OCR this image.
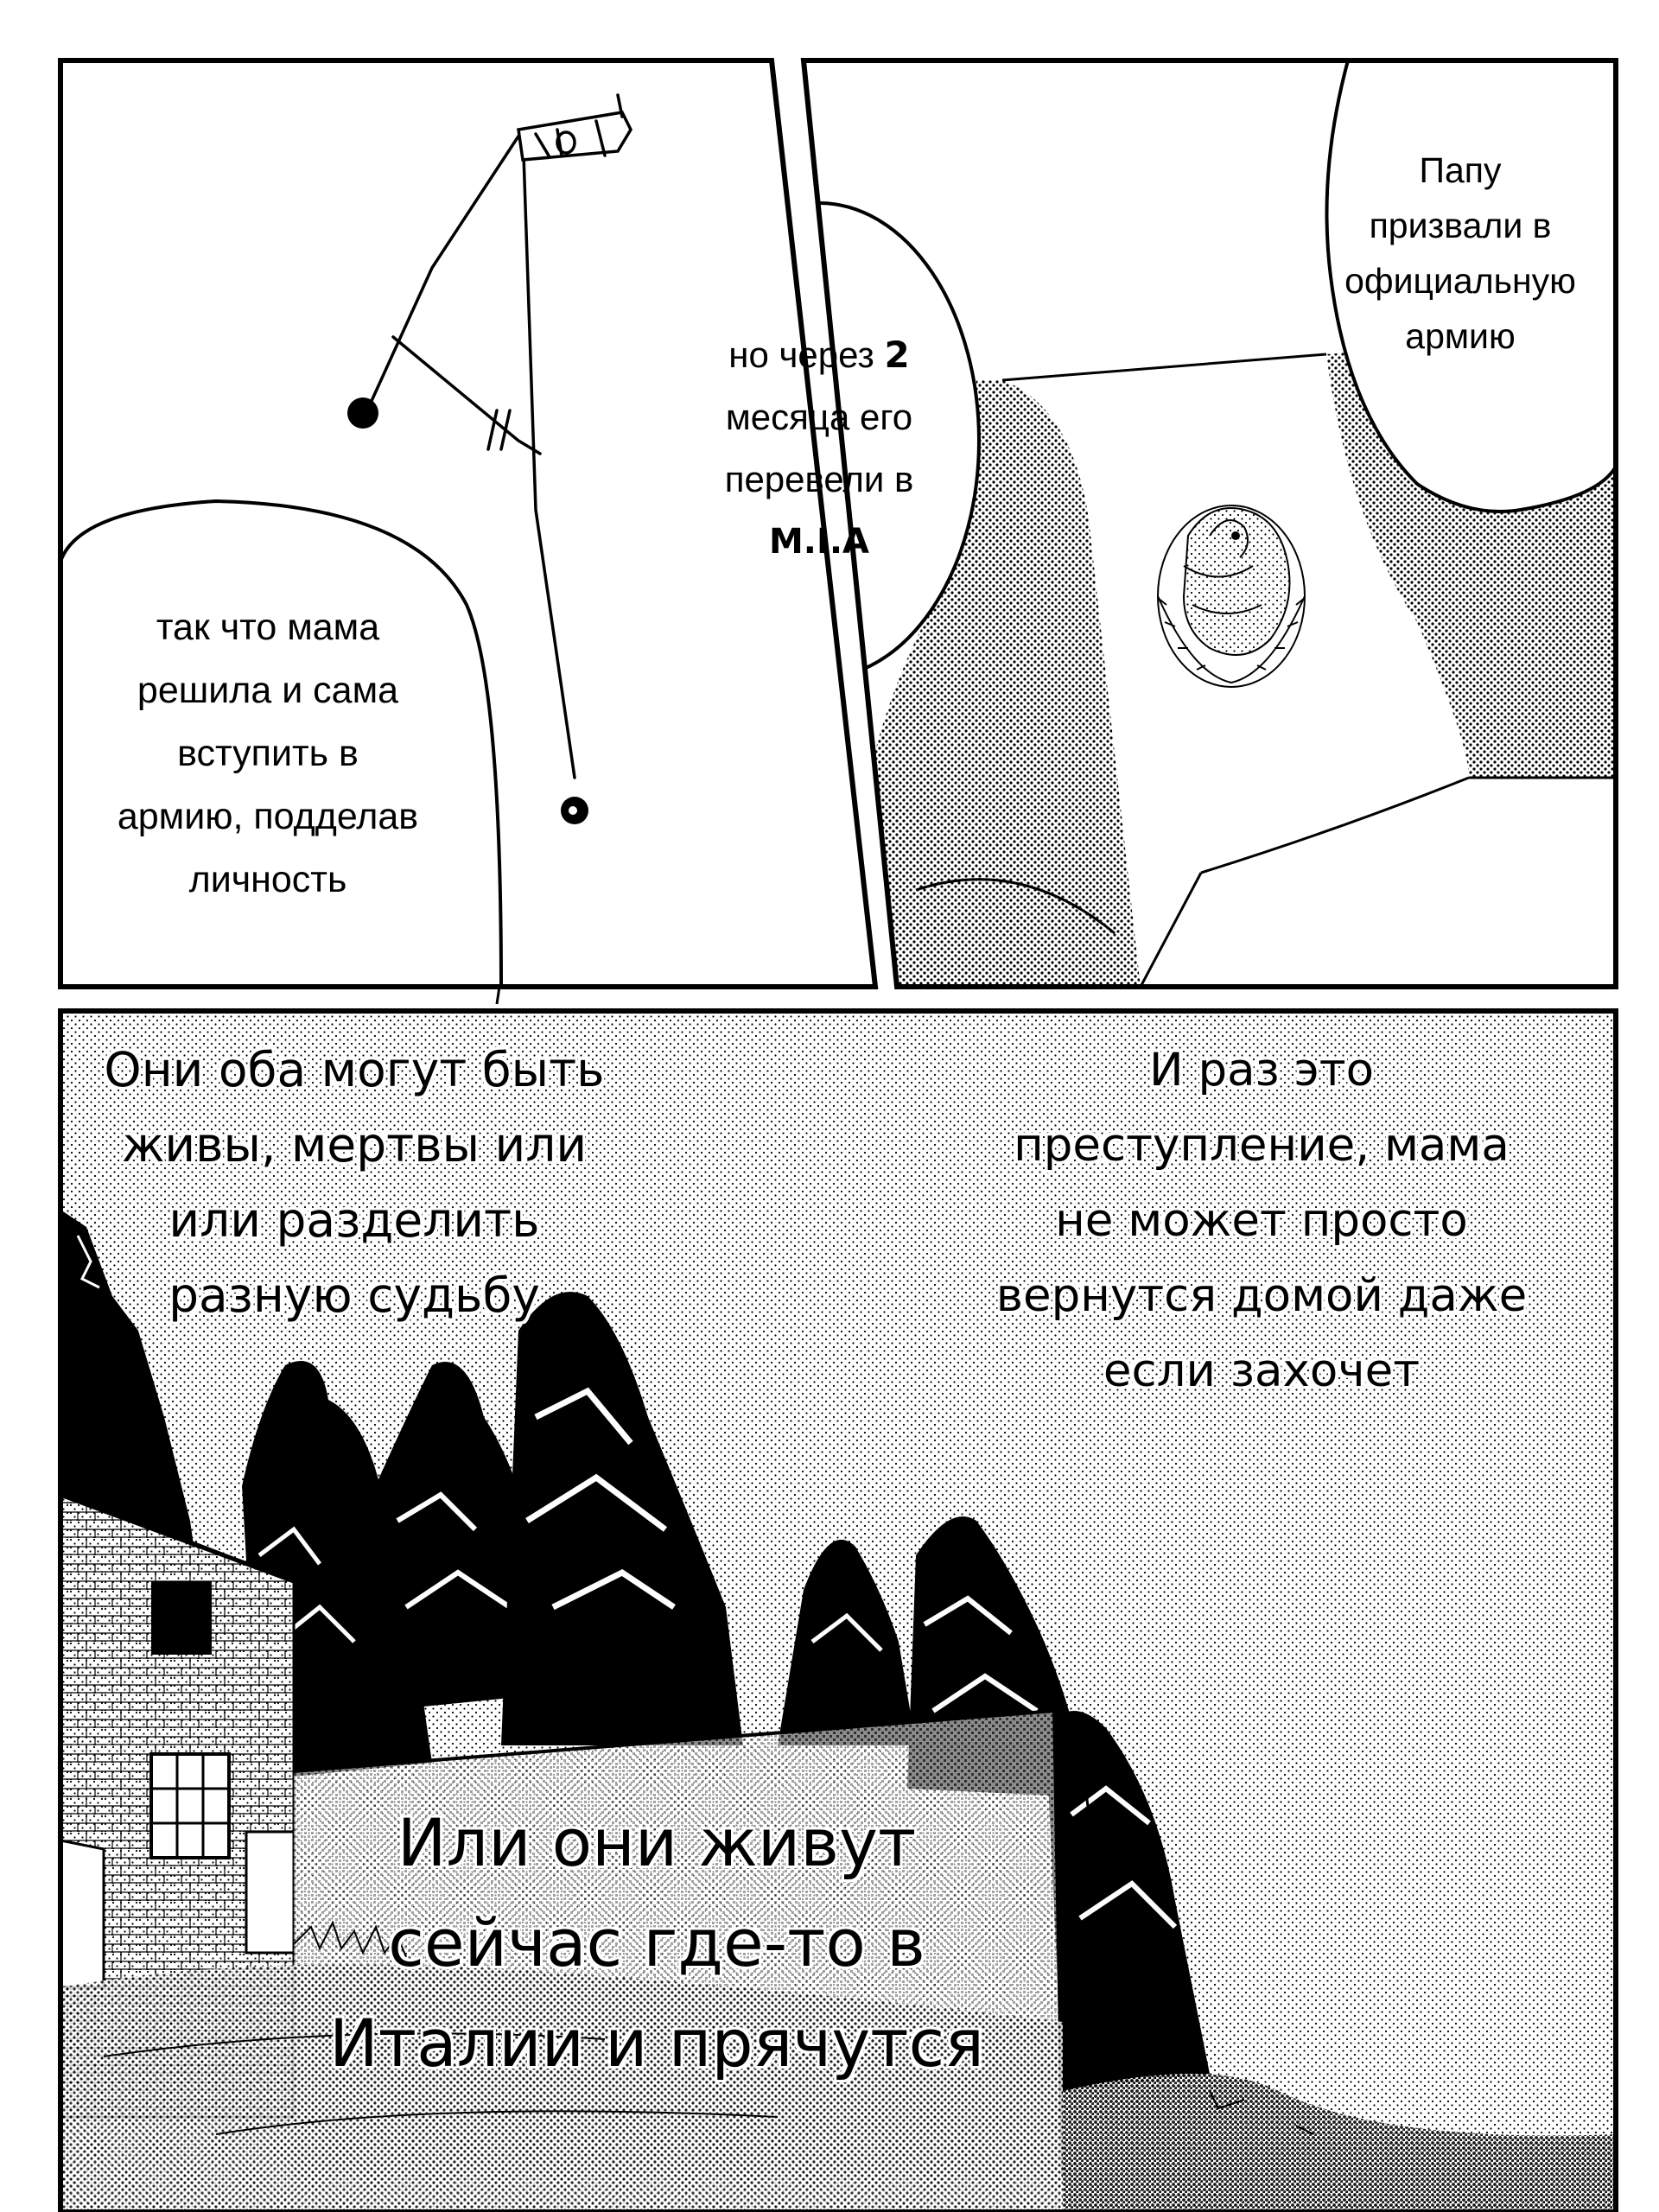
так что мама
решила и сама
вступить в
армию, подделав
личность
Папу
призвали в
официальную
армию
но через 2
месяца его
перевели в
M.I.A
Они оба могут быть
живы, мертвы или
или разделить
разную судьбу
И раз это
преступление, мама
не может просто
вернутся домой даже
если захочет
Или они живут
сейчас где-то в
Италии и прячутся
